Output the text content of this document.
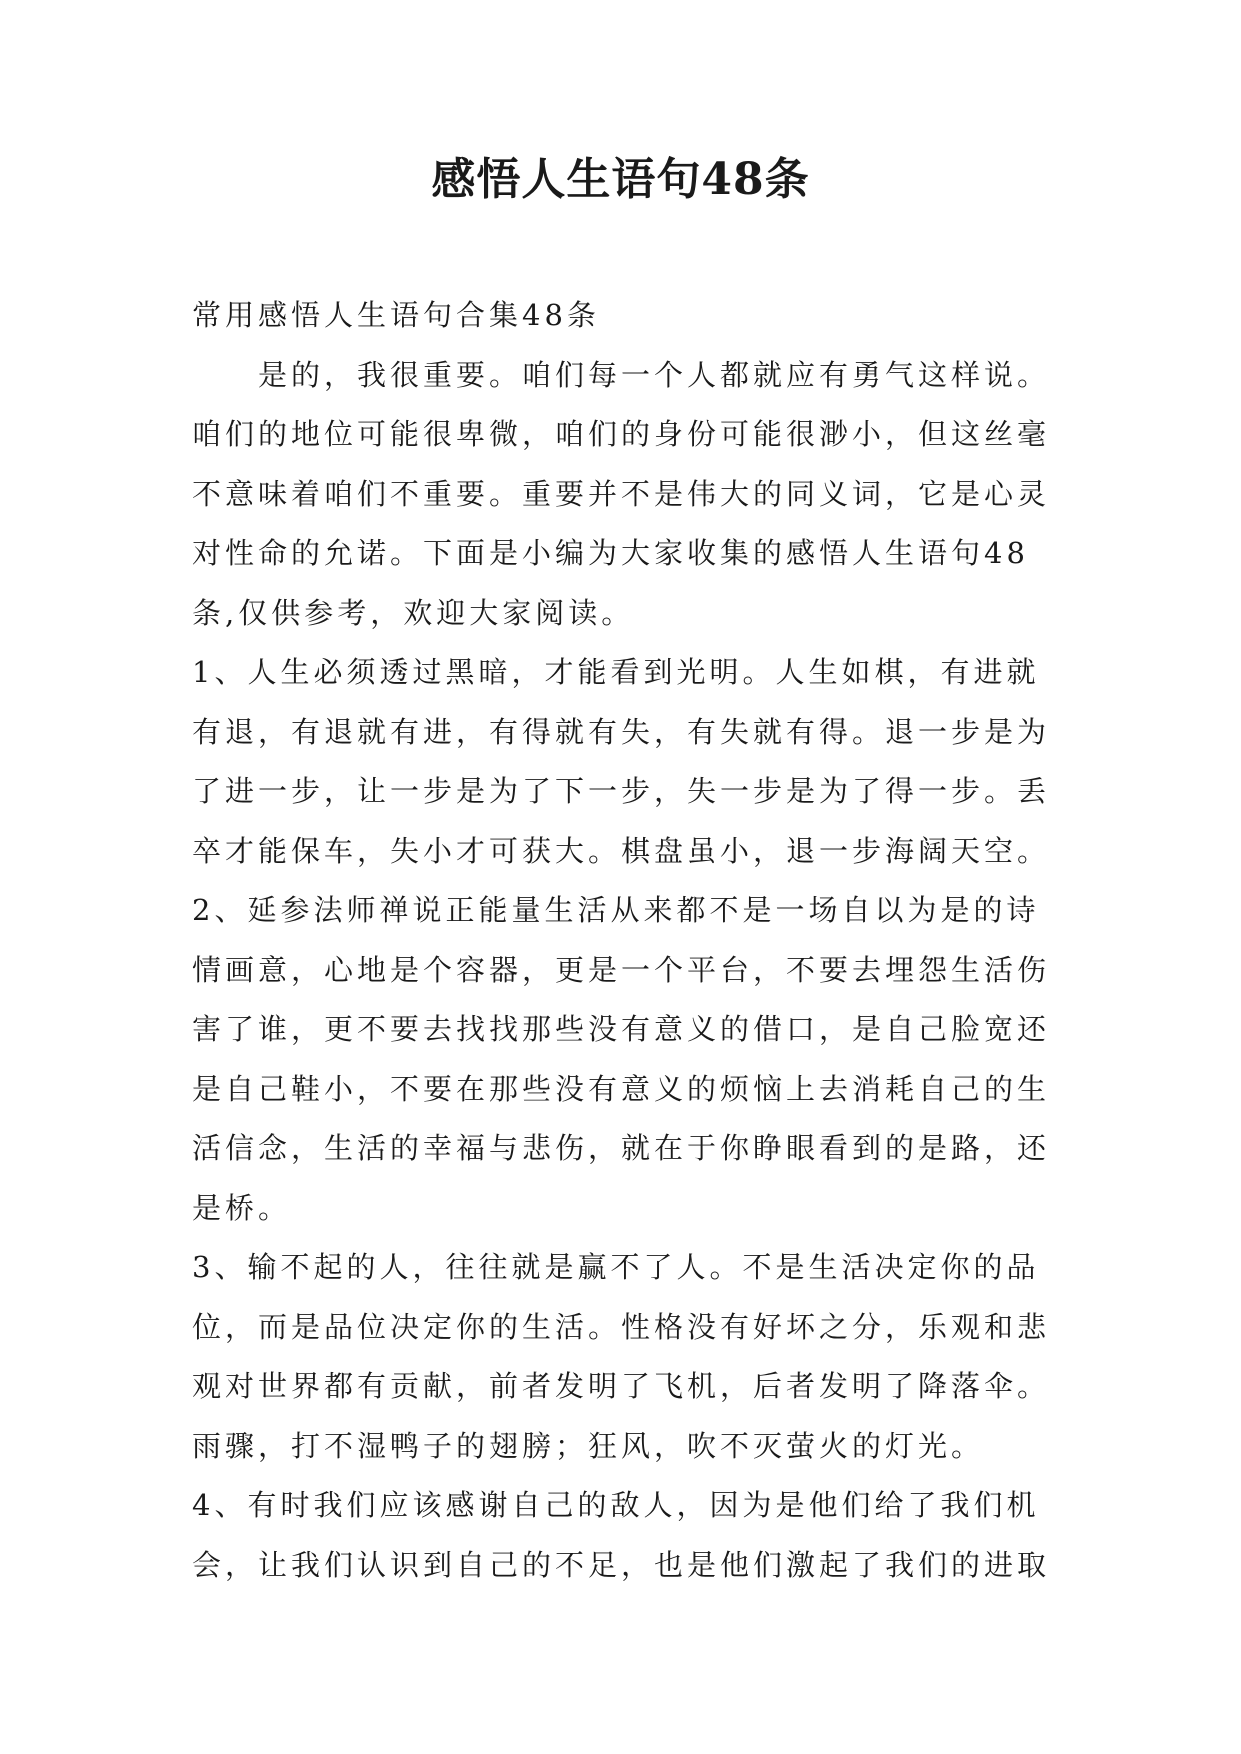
感悟人生语句48条
常用感悟人生语句合集48条
是的，我很重要。咱们每一个人都就应有勇气这样说。
咱们的地位可能很卑微，咱们的身份可能很渺小，但这丝毫
不意味着咱们不重要。重要并不是伟大的同义词，它是心灵
对性命的允诺。下面是小编为大家收集的感悟人生语句48
条,仅供参考，欢迎大家阅读。
1、人生必须透过黑暗，才能看到光明。人生如棋，有进就
有退，有退就有进，有得就有失，有失就有得。退一步是为
了进一步，让一步是为了下一步，失一步是为了得一步。丢
卒才能保车，失小才可获大。棋盘虽小，退一步海阔天空。
2、延参法师禅说正能量生活从来都不是一场自以为是的诗
情画意，心地是个容器，更是一个平台，不要去埋怨生活伤
害了谁，更不要去找找那些没有意义的借口，是自己脸宽还
是自己鞋小，不要在那些没有意义的烦恼上去消耗自己的生
活信念，生活的幸福与悲伤，就在于你睁眼看到的是路，还
是桥。
3、输不起的人，往往就是赢不了人。不是生活决定你的品
位，而是品位决定你的生活。性格没有好坏之分，乐观和悲
观对世界都有贡献，前者发明了飞机，后者发明了降落伞。
雨骤，打不湿鸭子的翅膀；狂风，吹不灭萤火的灯光。
4、有时我们应该感谢自己的敌人，因为是他们给了我们机
会，让我们认识到自己的不足，也是他们激起了我们的进取
